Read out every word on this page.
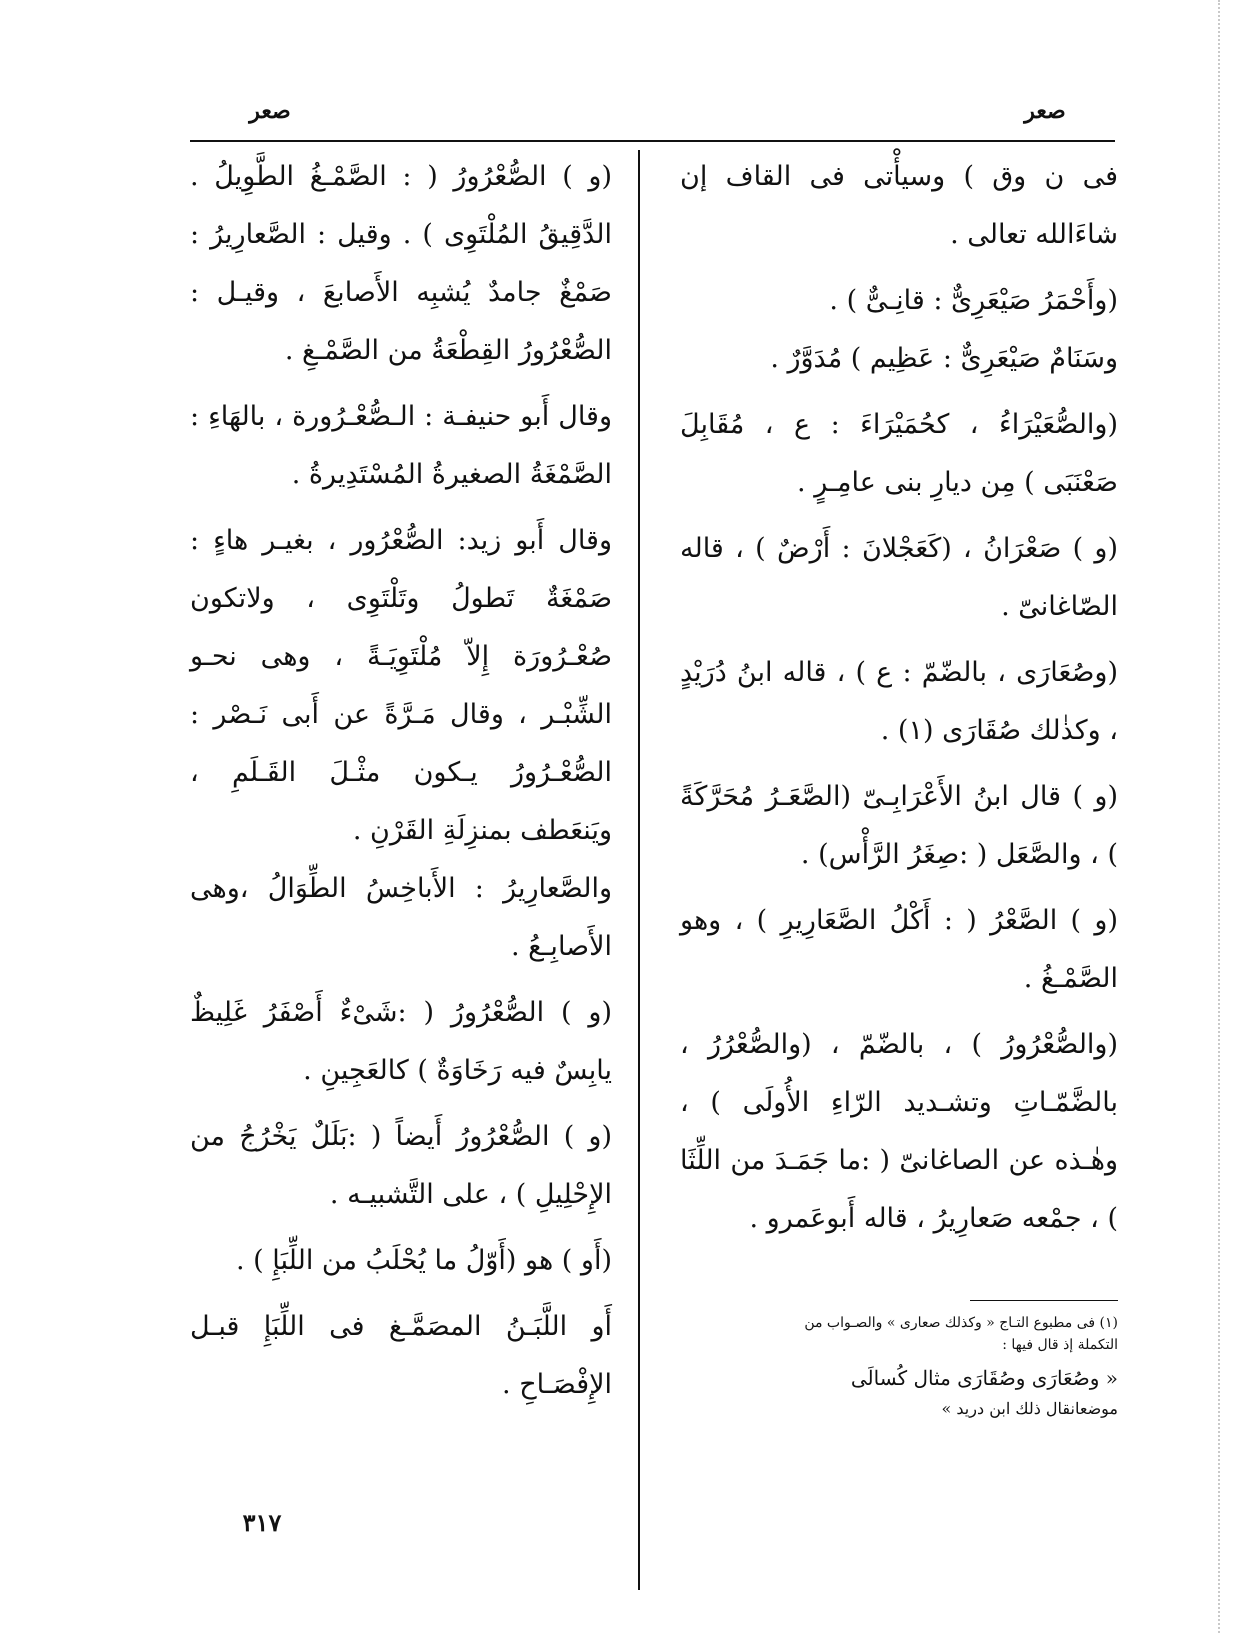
صعر
صعر

فى ن وق ) وسيأْتى فى القاف إن شاءَالله تعالى .

(وأَحْمَرُ صَيْعَرِىٌّ : قانِـىٌّ ) .

وسَنَامٌ صَيْعَرِىٌّ : عَظِيم ) مُدَوَّرٌ .

(والصُّعَيْرَاءُ ، كحُمَيْرَاءَ : ع ، مُقَابِلَ صَعْنَبَى ) مِن ديارِ بنى عامِـرٍ .

(و ) صَعْرَانُ ، (كَعَجْلانَ : أَرْضٌ ) ، قاله الصّاغانىّ .

(وصُعَارَى ، بالضّمّ : ع ) ، قاله ابنُ دُرَيْدٍ ، وكذٰلك صُقَارَى (١) .

(و ) قال ابنُ الأَعْرَابِـىّ (الصَّعَـرُ مُحَرَّكَةً ) ، والصَّعَل ( :صِغَرُ الرَّأْس) .

(و ) الصَّعْرُ ( : أَكْلُ الصَّعَارِيرِ ) ، وهو الصَّمْـغُ .

(والصُّعْرُورُ ) ، بالضّمّ ، (والصُّعْرُرُ ، بالضَّمّـاتِ وتشـديد الرّاءِ الأُولَى ) ، وهٰـذه عن الصاغانىّ ( :ما جَمَـدَ من اللِّثَا ) ، جمْعه صَعارِيرُ ، قاله أَبوعَمرو .

(١) فى مطبوع التـاج « وكذلك صعارى » والصـواب من

التكملة إذ قال فيها :

« وصُعَارَى وصُقَارَى مثال كُسالَى

موضعانقال ذلك ابن دريد »

(و ) الصُّعْرُورُ ( : الصَّمْـغُ الطَّوِيلُ . الدَّقِيقُ المُلْتَوِى ) . وقيل : الصَّعارِيرُ : صَمْغٌ جامدٌ يُشبِه الأَصابعَ ، وقيـل : الصُّعْرُورُ القِطْعَةُ من الصَّمْـغِ .

وقال أَبو حنيفـة : الـصُّعْـرُورة ، بالهَاءِ : الصَّمْغَةُ الصغيرةُ المُسْتَدِيرةُ .

وقال أَبو زيد: الصُّعْرُور ، بغيـر هاءٍ : صَمْغَةٌ تَطولُ وتَلْتَوِى ، ولاتكون صُعْـرُورَة إِلاّ مُلْتَوِيَـةً ، وهى نحـو الشِّبْـر ، وقال مَـرَّةً عن أَبى نَـصْر : الصُّعْـرُورُ يـكون مثْـلَ القَـلَمِ ، ويَنعَطف بمنزِلَةِ القَرْنِ .

والصَّعارِيرُ : الأَباخِسُ الطِّوَالُ ،وهى الأَصابِـعُ .

(و ) الصُّعْرُورُ ( :شَىْءٌ أَصْفَرُ غَلِيظٌ يابِسٌ فيه رَخَاوَةٌ ) كالعَجِينِ .

(و ) الصُّعْرُورُ أَيضاً ( :بَلَلٌ يَخْرُجُ من الإِحْلِيلِ ) ، على التَّشبيـه .

(أَو ) هو (أَوّلُ ما يُحْلَبُ من اللِّبَإِ ) .

أَو اللَّبَـنُ المصَمَّـغ فى اللِّبَإِ قبـل الإِفْصَـاحِ .

٣١٧
